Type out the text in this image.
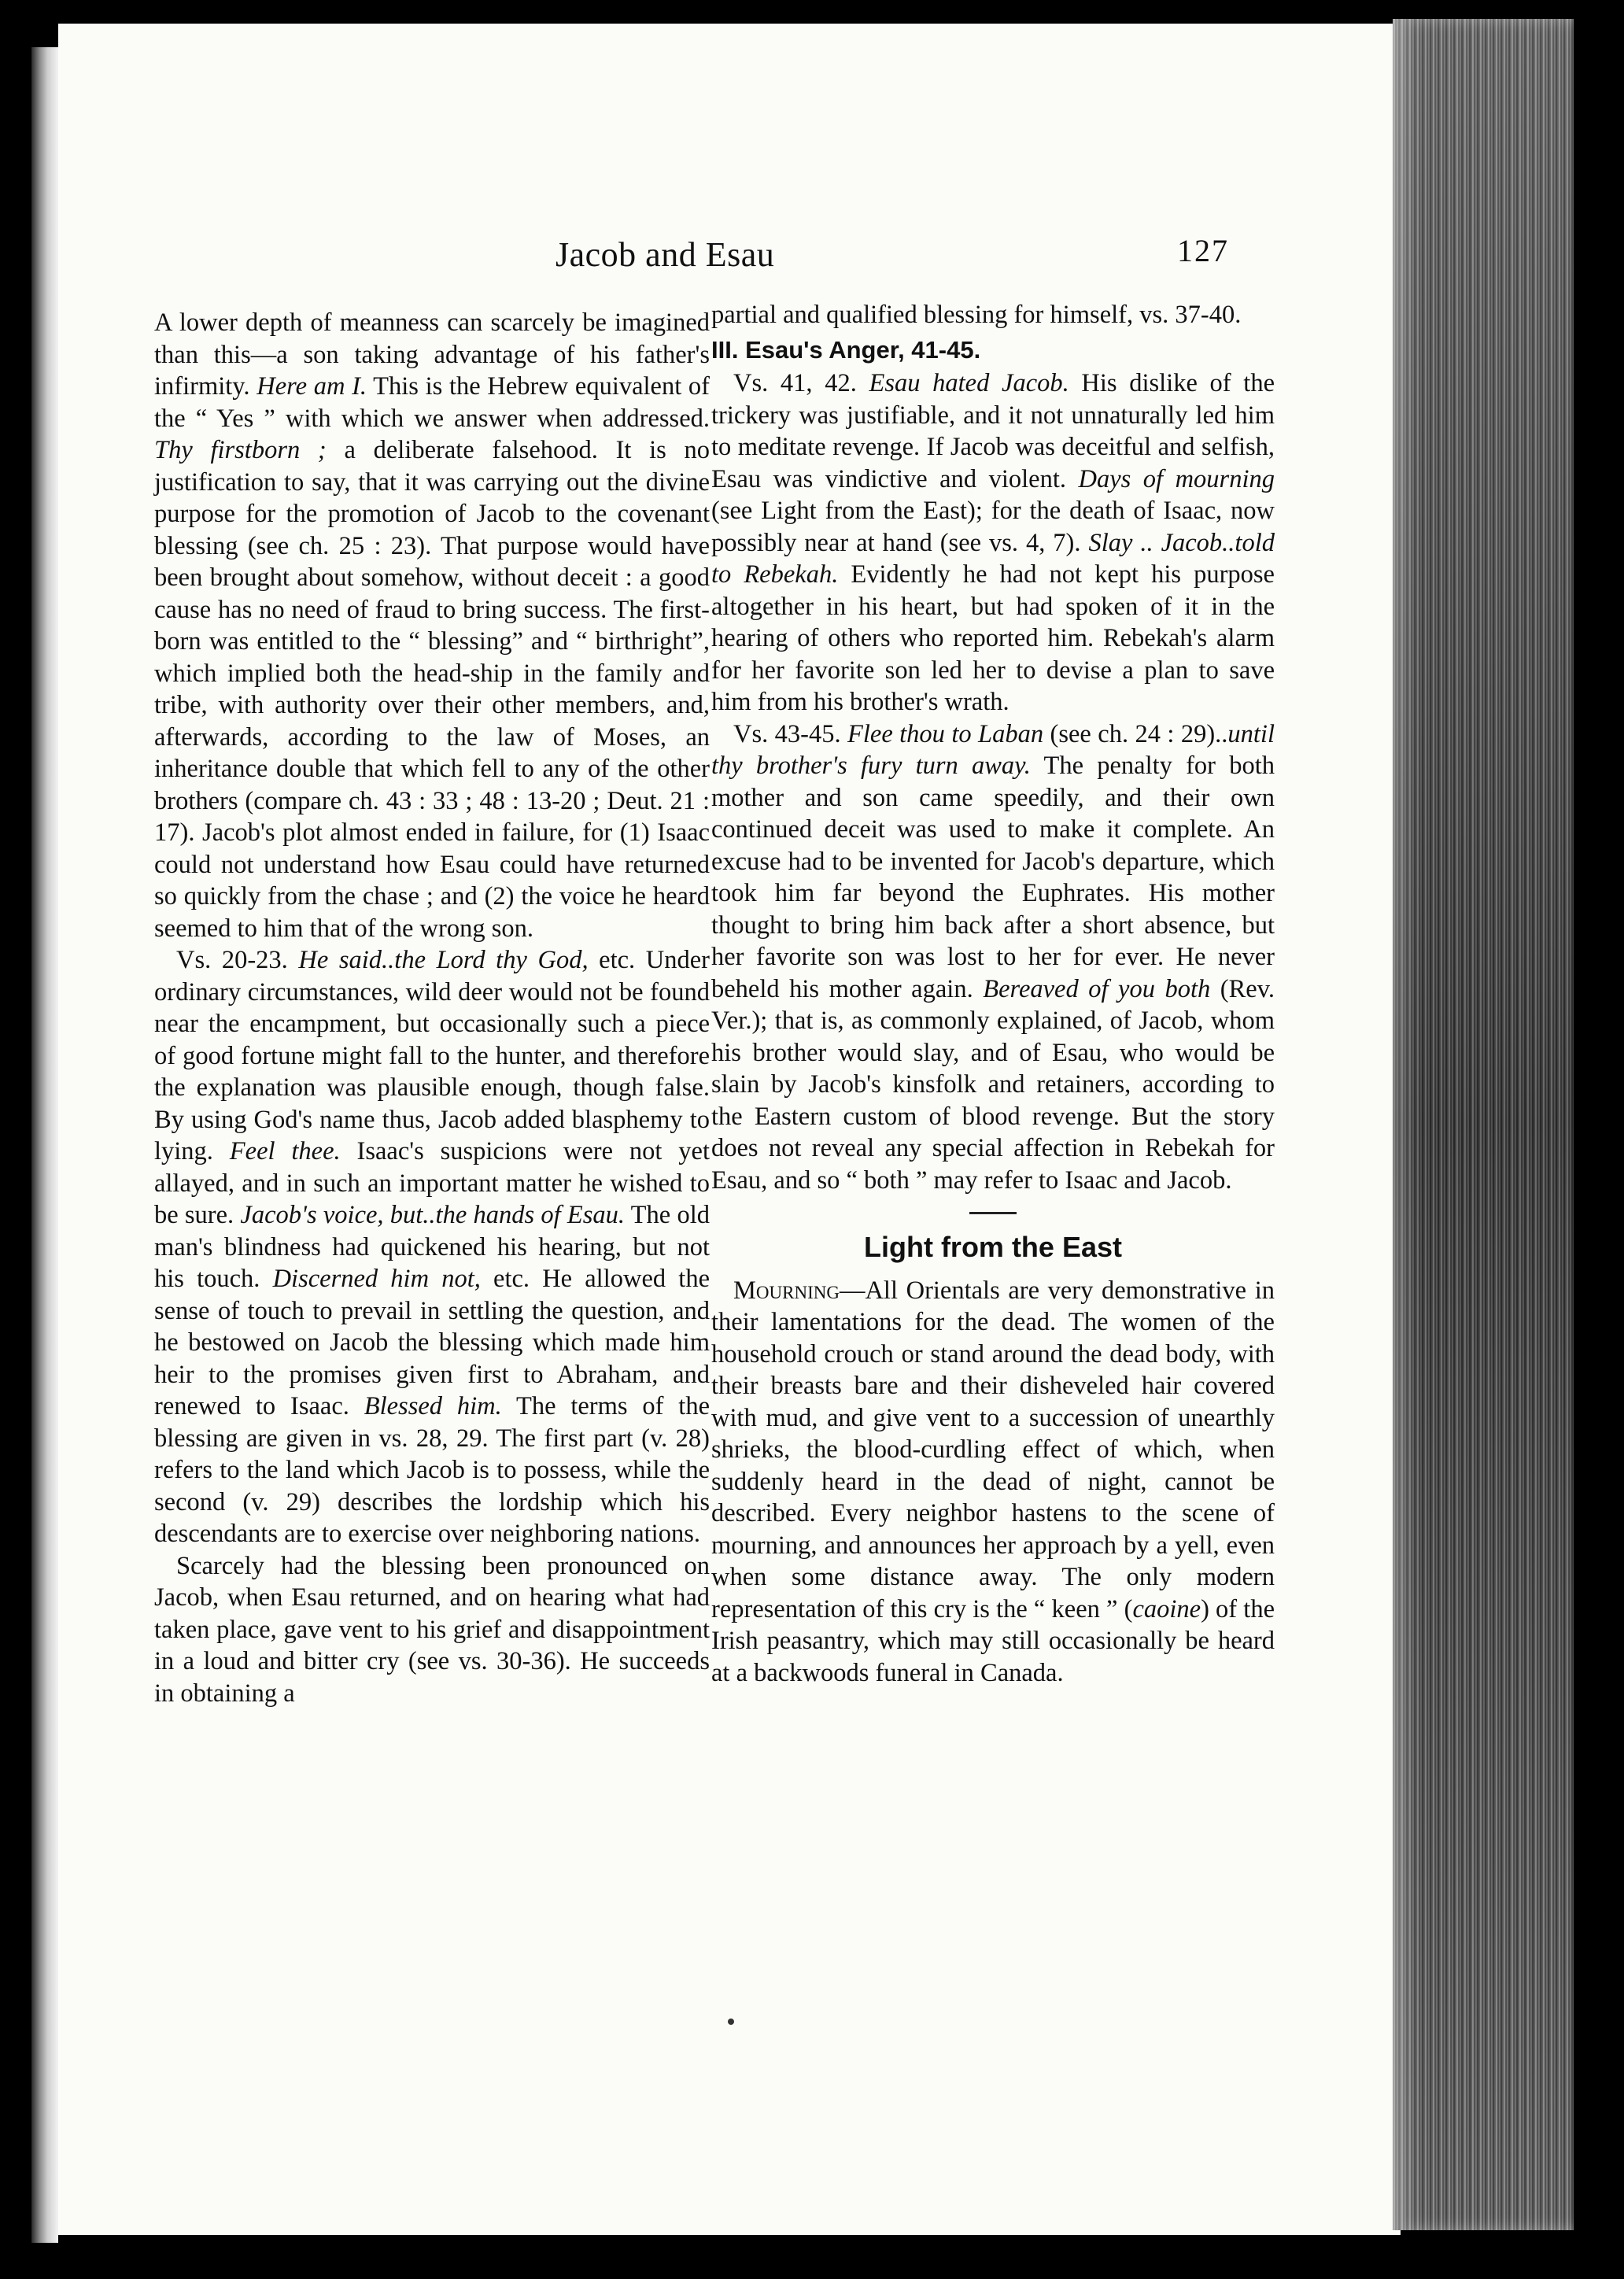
Jacob and Esau	127

A lower depth of meanness can scarcely be imagined than this—a son taking advantage of his father's infirmity. Here am I. This is the Hebrew equivalent of the “ Yes ” with which we answer when addressed. Thy firstborn ; a deliberate falsehood. It is no justification to say, that it was carrying out the divine purpose for the promotion of Jacob to the covenant blessing (see ch. 25 : 23). That purpose would have been brought about somehow, without deceit : a good cause has no need of fraud to bring success. The first-born was entitled to the “ blessing” and “ birthright”, which implied both the head-ship in the family and tribe, with authority over their other members, and, afterwards, according to the law of Moses, an inheritance double that which fell to any of the other brothers (compare ch. 43 : 33 ; 48 : 13-20 ; Deut. 21 : 17). Jacob's plot almost ended in failure, for (1) Isaac could not understand how Esau could have returned so quickly from the chase ; and (2) the voice he heard seemed to him that of the wrong son.

Vs. 20-23. He said..the Lord thy God, etc. Under ordinary circumstances, wild deer would not be found near the encampment, but occasionally such a piece of good fortune might fall to the hunter, and therefore the explanation was plausible enough, though false. By using God's name thus, Jacob added blasphemy to lying. Feel thee. Isaac's suspicions were not yet allayed, and in such an important matter he wished to be sure. Jacob's voice, but..the hands of Esau. The old man's blindness had quickened his hearing, but not his touch. Discerned him not, etc. He allowed the sense of touch to prevail in settling the question, and he bestowed on Jacob the blessing which made him heir to the promises given first to Abraham, and renewed to Isaac. Blessed him. The terms of the blessing are given in vs. 28, 29. The first part (v. 28) refers to the land which Jacob is to possess, while the second (v. 29) describes the lordship which his descendants are to exercise over neighboring nations.

Scarcely had the blessing been pronounced on Jacob, when Esau returned, and on hearing what had taken place, gave vent to his grief and disappointment in a loud and bitter cry (see vs. 30-36). He succeeds in obtaining a

partial and qualified blessing for himself, vs. 37-40.

III. Esau's Anger, 41-45.

Vs. 41, 42. Esau hated Jacob. His dislike of the trickery was justifiable, and it not unnaturally led him to meditate revenge. If Jacob was deceitful and selfish, Esau was vindictive and violent. Days of mourning (see Light from the East); for the death of Isaac, now possibly near at hand (see vs. 4, 7). Slay .. Jacob..told to Rebekah. Evidently he had not kept his purpose altogether in his heart, but had spoken of it in the hearing of others who reported him. Rebekah's alarm for her favorite son led her to devise a plan to save him from his brother's wrath.

Vs. 43-45. Flee thou to Laban (see ch. 24 : 29)..until thy brother's fury turn away. The penalty for both mother and son came speedily, and their own continued deceit was used to make it complete. An excuse had to be invented for Jacob's departure, which took him far beyond the Euphrates. His mother thought to bring him back after a short absence, but her favorite son was lost to her for ever. He never beheld his mother again. Bereaved of you both (Rev. Ver.); that is, as commonly explained, of Jacob, whom his brother would slay, and of Esau, who would be slain by Jacob's kinsfolk and retainers, according to the Eastern custom of blood revenge. But the story does not reveal any special affection in Rebekah for Esau, and so “ both ” may refer to Isaac and Jacob.

Light from the East

Mourning—All Orientals are very demonstrative in their lamentations for the dead. The women of the household crouch or stand around the dead body, with their breasts bare and their disheveled hair covered with mud, and give vent to a succession of unearthly shrieks, the blood-curdling effect of which, when suddenly heard in the dead of night, cannot be described. Every neighbor hastens to the scene of mourning, and announces her approach by a yell, even when some distance away. The only modern representation of this cry is the “ keen ” (caoine) of the Irish peasantry, which may still occasionally be heard at a backwoods funeral in Canada.
